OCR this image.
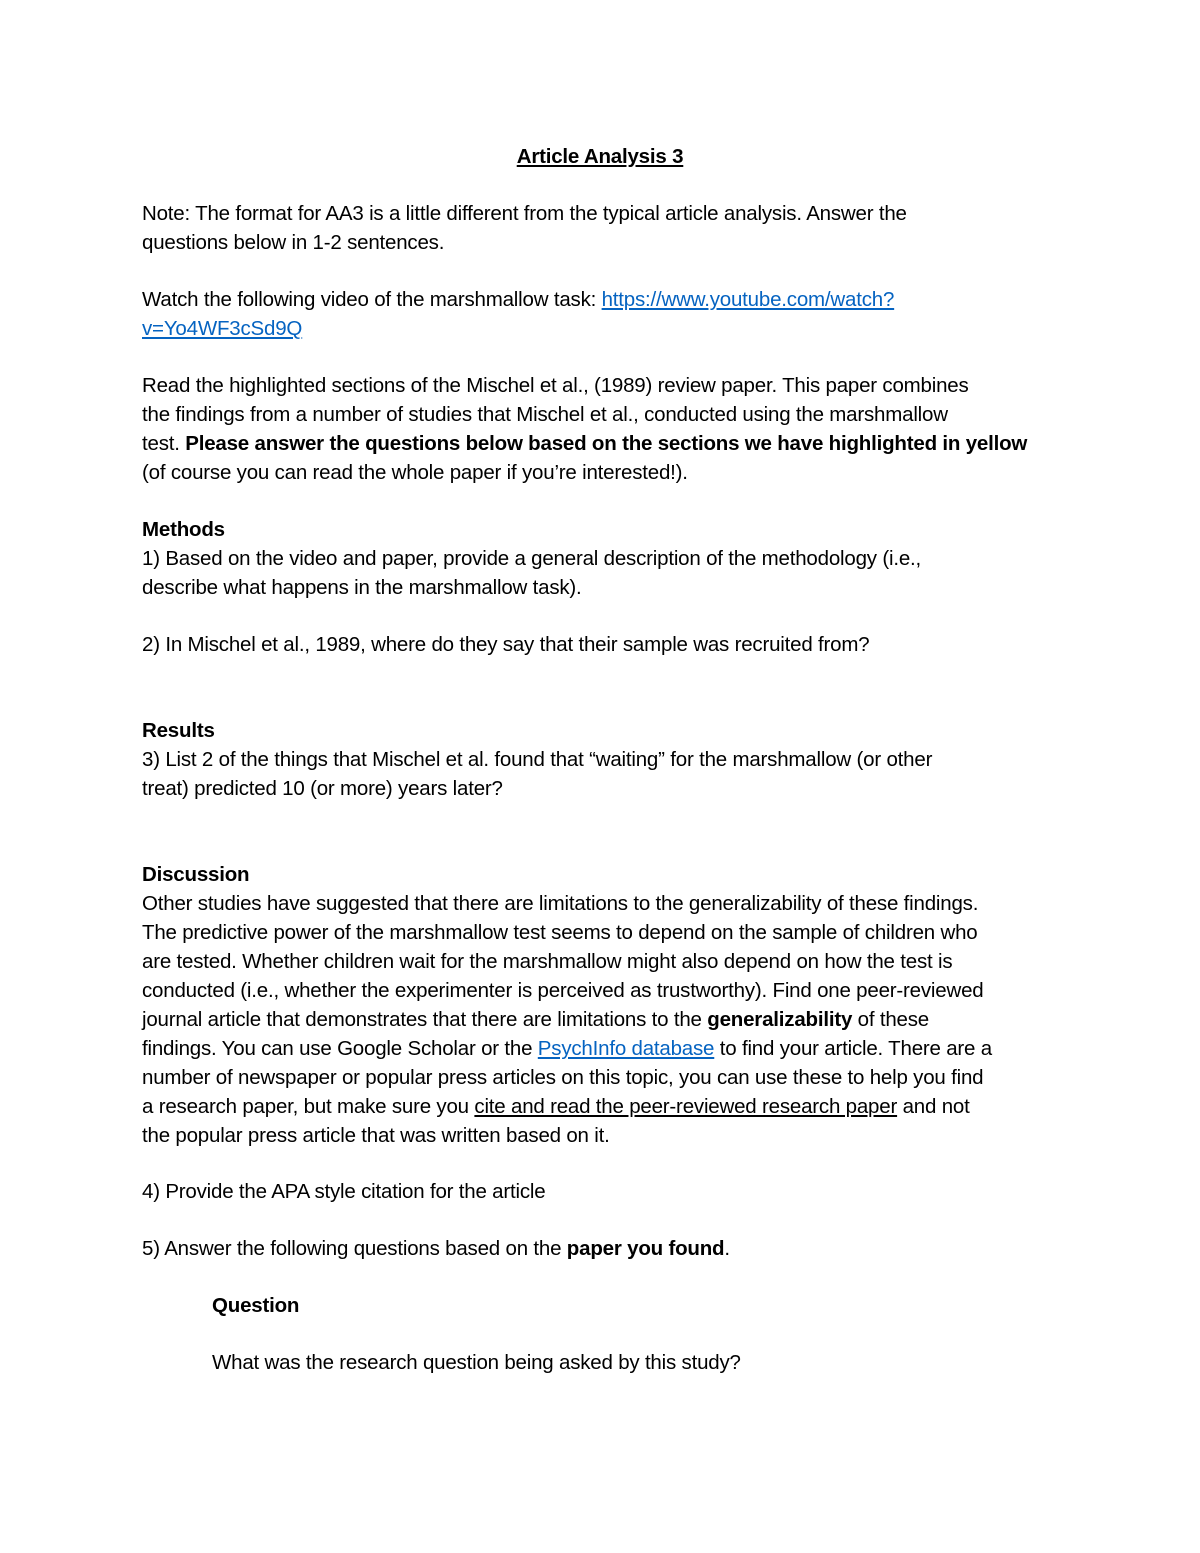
Article Analysis 3
Note: The format for AA3 is a little different from the typical article analysis. Answer the
questions below in 1-2 sentences.
Watch the following video of the marshmallow task: https://www.youtube.com/watch?
v=Yo4WF3cSd9Q
Read the highlighted sections of the Mischel et al., (1989) review paper. This paper combines
the findings from a number of studies that Mischel et al., conducted using the marshmallow
test. Please answer the questions below based on the sections we have highlighted in yellow
(of course you can read the whole paper if you’re interested!).
Methods
1) Based on the video and paper, provide a general description of the methodology (i.e.,
describe what happens in the marshmallow task).
2) In Mischel et al., 1989, where do they say that their sample was recruited from?
Results
3) List 2 of the things that Mischel et al. found that “waiting” for the marshmallow (or other
treat) predicted 10 (or more) years later?
Discussion
Other studies have suggested that there are limitations to the generalizability of these findings.
The predictive power of the marshmallow test seems to depend on the sample of children who
are tested. Whether children wait for the marshmallow might also depend on how the test is
conducted (i.e., whether the experimenter is perceived as trustworthy). Find one peer-reviewed
journal article that demonstrates that there are limitations to the generalizability of these
findings. You can use Google Scholar or the PsychInfo database to find your article. There are a
number of newspaper or popular press articles on this topic, you can use these to help you find
a research paper, but make sure you cite and read the peer-reviewed research paper and not
the popular press article that was written based on it.
4) Provide the APA style citation for the article
5) Answer the following questions based on the paper you found.
Question
What was the research question being asked by this study?
